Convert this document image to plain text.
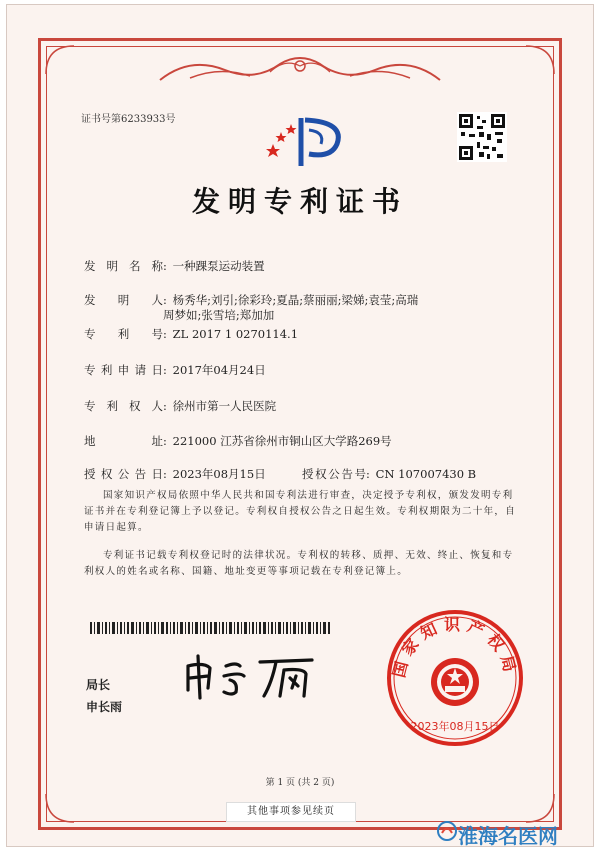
证书号第6233933号
发明专利证书
发明名称: 一种踝泵运动装置
发明人: 杨秀华;刘引;徐彩玲;夏晶;蔡丽丽;梁娣;袁莹;高瑞
周梦如;张雪培;郑加加
专利号: ZL 2017 1 0270114.1
专利申请日: 2017年04月24日
专利权人: 徐州市第一人民医院
地址: 221000 江苏省徐州市铜山区大学路269号
授权公告日: 2023年08月15日	授权公告号: CN 107007430 B
国家知识产权局依照中华人民共和国专利法进行审查，决定授予专利权，颁发发明专利证书并在专利登记簿上予以登记。专利权自授权公告之日起生效。专利权期限为二十年，自申请日起算。
专利证书记载专利权登记时的法律状况。专利权的转移、质押、无效、终止、恢复和专利权人的姓名或名称、国籍、地址变更等事项记载在专利登记簿上。
局长
申长雨
国家知识产权局
2023年08月15日
第 1 页 (共 2 页)
其他事项参见续页
淮海名医网
